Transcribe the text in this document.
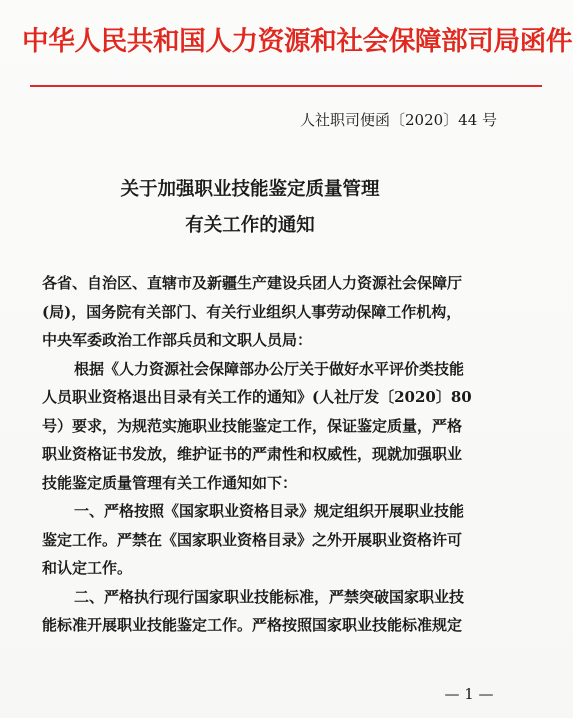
中华人民共和国人力资源和社会保障部司局函件
人社职司便函〔2020〕44 号
关于加强职业技能鉴定质量管理
有关工作的通知
各省、自治区、直辖市及新疆生产建设兵团人力资源社会保障厅
(局)，国务院有关部门、有关行业组织人事劳动保障工作机构，
中央军委政治工作部兵员和文职人员局：
根据《人力资源社会保障部办公厅关于做好水平评价类技能
人员职业资格退出目录有关工作的通知》(人社厅发〔2020〕80
号）要求，为规范实施职业技能鉴定工作，保证鉴定质量，严格
职业资格证书发放，维护证书的严肃性和权威性，现就加强职业
技能鉴定质量管理有关工作通知如下：
一、严格按照《国家职业资格目录》规定组织开展职业技能
鉴定工作。严禁在《国家职业资格目录》之外开展职业资格许可
和认定工作。
二、严格执行现行国家职业技能标准，严禁突破国家职业技
能标准开展职业技能鉴定工作。严格按照国家职业技能标准规定
— 1 —
